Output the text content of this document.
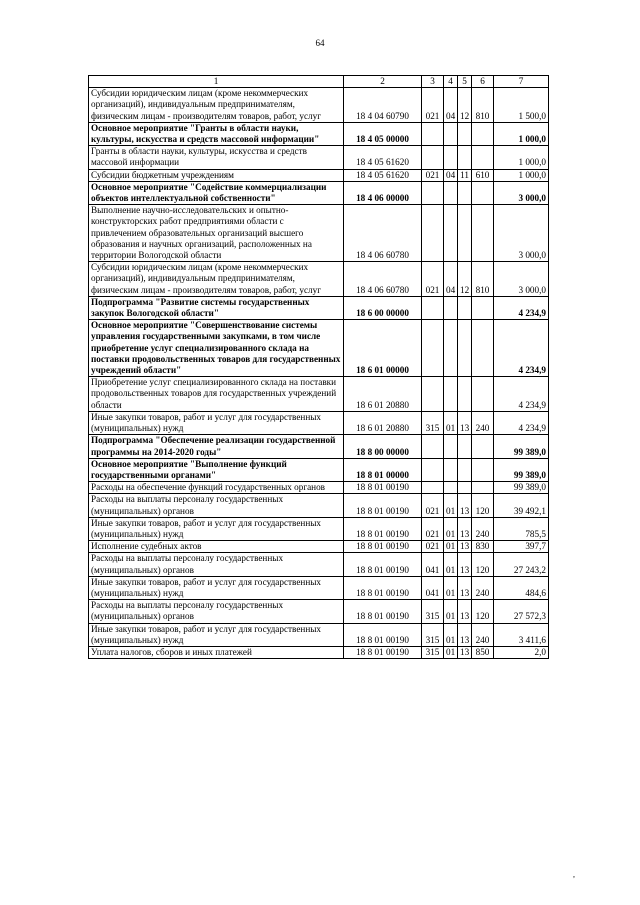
64
1	2	3	4	5	6	7
Субсидии юридическим лицам (кроме некоммерческих организаций), индивидуальным предпринимателям, физическим лицам - производителям товаров, работ, услуг	18 4 04 60790	021	04	12	810	1 500,0
Основное мероприятие "Гранты в области науки, культуры, искусства и средств массовой информации"	18 4 05 00000					1 000,0
Гранты в области науки, культуры, искусства и средств массовой информации	18 4 05 61620					1 000,0
Субсидии бюджетным учреждениям	18 4 05 61620	021	04	11	610	1 000,0
Основное мероприятие "Содействие коммерциализации объектов интеллектуальной собственности"	18 4 06 00000					3 000,0
Выполнение научно-исследовательских и опытно-конструкторских работ предприятиями области с привлечением образовательных организаций высшего образования и научных организаций, расположенных на территории Вологодской области	18 4 06 60780					3 000,0
Субсидии юридическим лицам (кроме некоммерческих организаций), индивидуальным предпринимателям, физическим лицам - производителям товаров, работ, услуг	18 4 06 60780	021	04	12	810	3 000,0
Подпрограмма "Развитие системы государственных закупок Вологодской области"	18 6 00 00000					4 234,9
Основное мероприятие "Совершенствование системы управления государственными закупками, в том числе приобретение услуг специализированного склада на поставки продовольственных товаров для государственных учреждений области"	18 6 01 00000					4 234,9
Приобретение услуг специализированного склада на поставки продовольственных товаров для государственных учреждений области	18 6 01 20880					4 234,9
Иные закупки товаров, работ и услуг для государственных (муниципальных) нужд	18 6 01 20880	315	01	13	240	4 234,9
Подпрограмма "Обеспечение реализации государственной программы на 2014-2020 годы"	18 8 00 00000					99 389,0
Основное мероприятие "Выполнение функций государственными органами"	18 8 01 00000					99 389,0
Расходы на обеспечение функций государственных органов	18 8 01 00190					99 389,0
Расходы на выплаты персоналу государственных (муниципальных) органов	18 8 01 00190	021	01	13	120	39 492,1
Иные закупки товаров, работ и услуг для государственных (муниципальных) нужд	18 8 01 00190	021	01	13	240	785,5
Исполнение судебных актов	18 8 01 00190	021	01	13	830	397,7
Расходы на выплаты персоналу государственных (муниципальных) органов	18 8 01 00190	041	01	13	120	27 243,2
Иные закупки товаров, работ и услуг для государственных (муниципальных) нужд	18 8 01 00190	041	01	13	240	484,6
Расходы на выплаты персоналу государственных (муниципальных) органов	18 8 01 00190	315	01	13	120	27 572,3
Иные закупки товаров, работ и услуг для государственных (муниципальных) нужд	18 8 01 00190	315	01	13	240	3 411,6
Уплата налогов, сборов и иных платежей	18 8 01 00190	315	01	13	850	2,0
,
